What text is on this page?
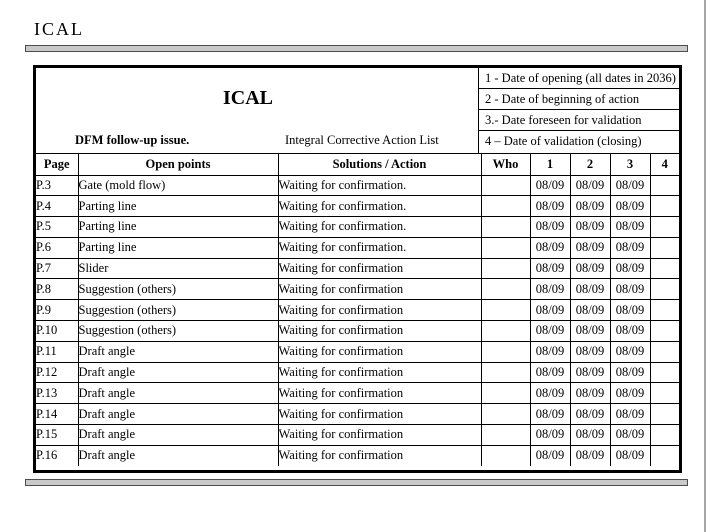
ICAL
ICAL
DFM follow-up issue.	Integral Corrective Action List
1 - Date of opening (all dates in 2036)
2 - Date of beginning of action
3.- Date foreseen for validation
4 – Date of validation (closing)
Page	Open points	Solutions / Action	Who	1	2	3	4
P.3	Gate (mold flow)	Waiting for confirmation.		08/09	08/09	08/09	
P.4	Parting line	Waiting for confirmation.		08/09	08/09	08/09	
P.5	Parting line	Waiting for confirmation.		08/09	08/09	08/09	
P.6	Parting line	Waiting for confirmation.		08/09	08/09	08/09	
P.7	Slider	Waiting for confirmation		08/09	08/09	08/09	
P.8	Suggestion (others)	Waiting for confirmation		08/09	08/09	08/09	
P.9	Suggestion (others)	Waiting for confirmation		08/09	08/09	08/09	
P.10	Suggestion (others)	Waiting for confirmation		08/09	08/09	08/09	
P.11	Draft angle	Waiting for confirmation		08/09	08/09	08/09	
P.12	Draft angle	Waiting for confirmation		08/09	08/09	08/09	
P.13	Draft angle	Waiting for confirmation		08/09	08/09	08/09	
P.14	Draft angle	Waiting for confirmation		08/09	08/09	08/09	
P.15	Draft angle	Waiting for confirmation		08/09	08/09	08/09	
P.16	Draft angle	Waiting for confirmation		08/09	08/09	08/09	
